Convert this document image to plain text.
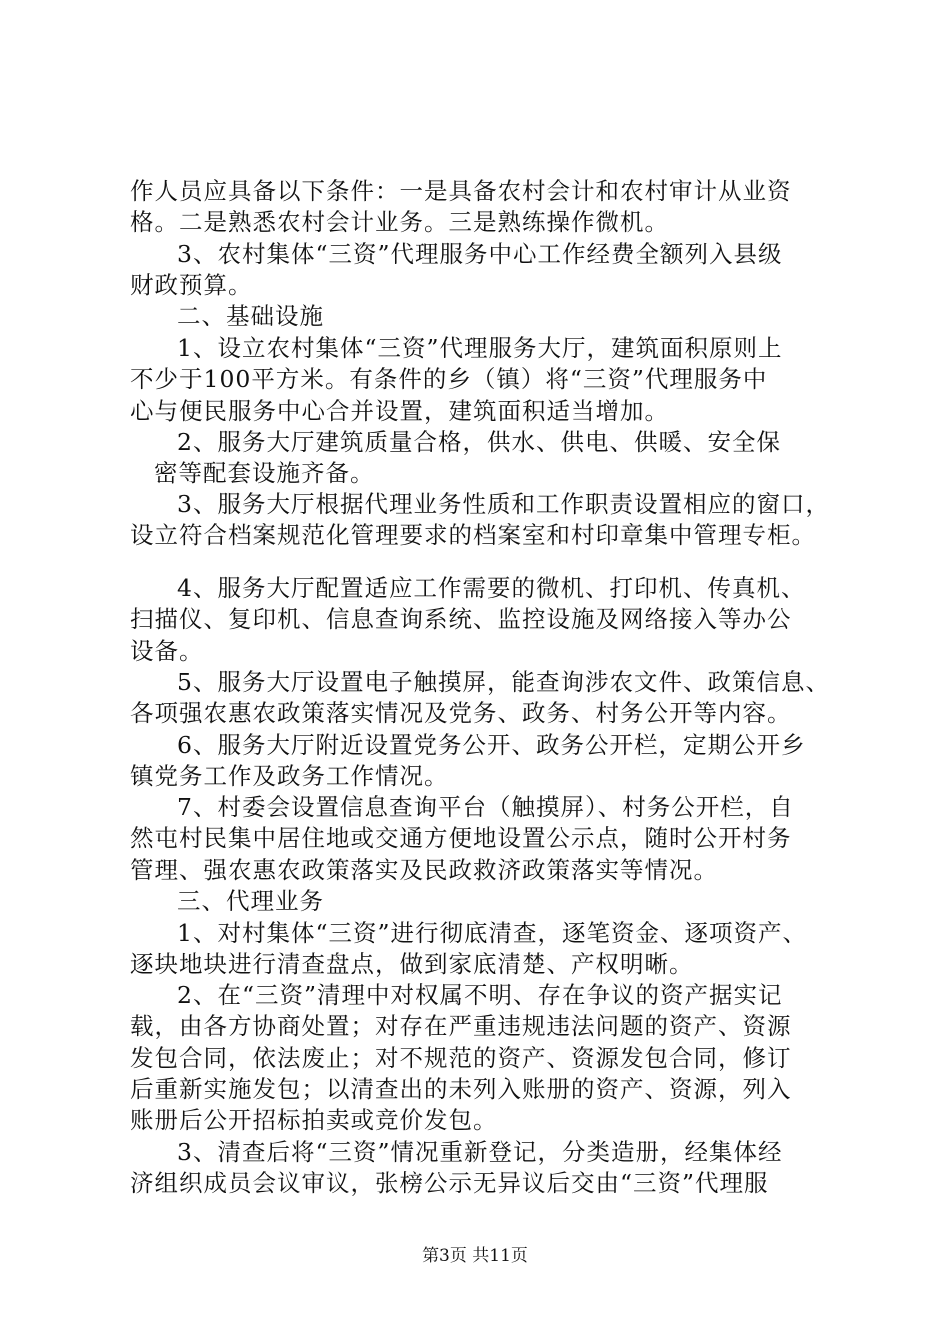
作人员应具备以下条件：一是具备农村会计和农村审计从业资
格。二是熟悉农村会计业务。三是熟练操作微机。
3、农村集体“三资”代理服务中心工作经费全额列入县级
财政预算。
二、基础设施
1、设立农村集体“三资”代理服务大厅，建筑面积原则上
不少于100平方米。有条件的乡（镇）将“三资”代理服务中
心与便民服务中心合并设置，建筑面积适当增加。
2、服务大厅建筑质量合格，供水、供电、供暖、安全保
密等配套设施齐备。
3、服务大厅根据代理业务性质和工作职责设置相应的窗口，
设立符合档案规范化管理要求的档案室和村印章集中管理专柜。
4、服务大厅配置适应工作需要的微机、打印机、传真机、
扫描仪、复印机、信息查询系统、监控设施及网络接入等办公
设备。
5、服务大厅设置电子触摸屏，能查询涉农文件、政策信息、
各项强农惠农政策落实情况及党务、政务、村务公开等内容。
6、服务大厅附近设置党务公开、政务公开栏，定期公开乡
镇党务工作及政务工作情况。
7、村委会设置信息查询平台（触摸屏）、村务公开栏，自
然屯村民集中居住地或交通方便地设置公示点，随时公开村务
管理、强农惠农政策落实及民政救济政策落实等情况。
三、代理业务
1、对村集体“三资”进行彻底清查，逐笔资金、逐项资产、
逐块地块进行清查盘点，做到家底清楚、产权明晰。
2、在“三资”清理中对权属不明、存在争议的资产据实记
载，由各方协商处置；对存在严重违规违法问题的资产、资源
发包合同，依法废止；对不规范的资产、资源发包合同，修订
后重新实施发包；以清查出的未列入账册的资产、资源，列入
账册后公开招标拍卖或竞价发包。
3、清查后将“三资”情况重新登记，分类造册，经集体经
济组织成员会议审议，张榜公示无异议后交由“三资”代理服
第3页 共11页
